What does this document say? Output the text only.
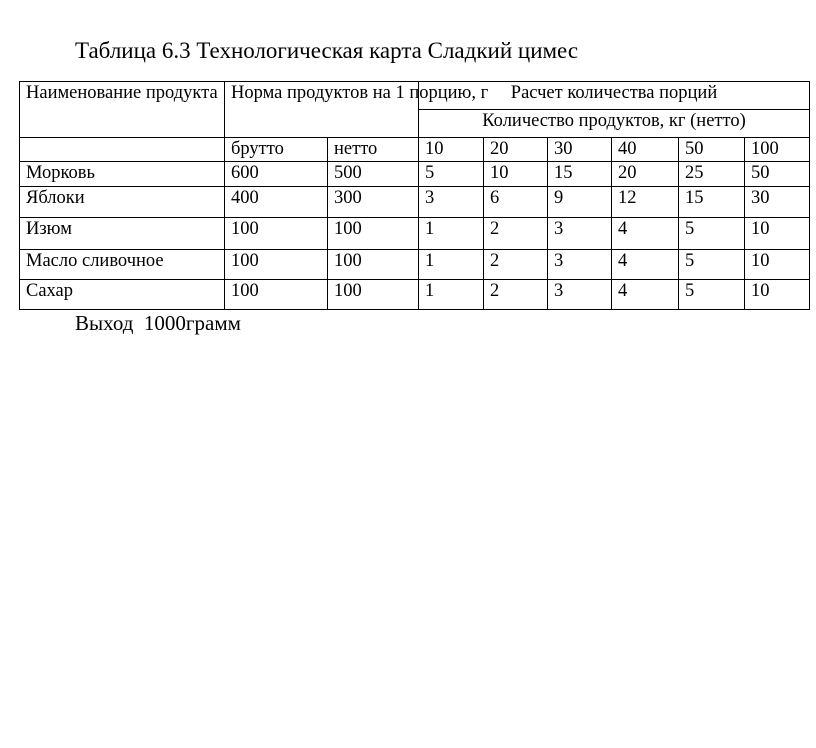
Таблица 6.3 Технологическая карта Сладкий цимес
Наименование продукта	Норма продуктов на 1 порцию, г		Расчет количества порций					
			Количество продуктов, кг (нетто)					
	брутто	нетто	10	20	30	40	50	100
Морковь	600	500	5	10	15	20	25	50
Яблоки	400	300	3	6	9	12	15	30
Изюм	100	100	1	2	3	4	5	10
Масло сливочное	100	100	1	2	3	4	5	10
Сахар	100	100	1	2	3	4	5	10
Выход 1000грамм
